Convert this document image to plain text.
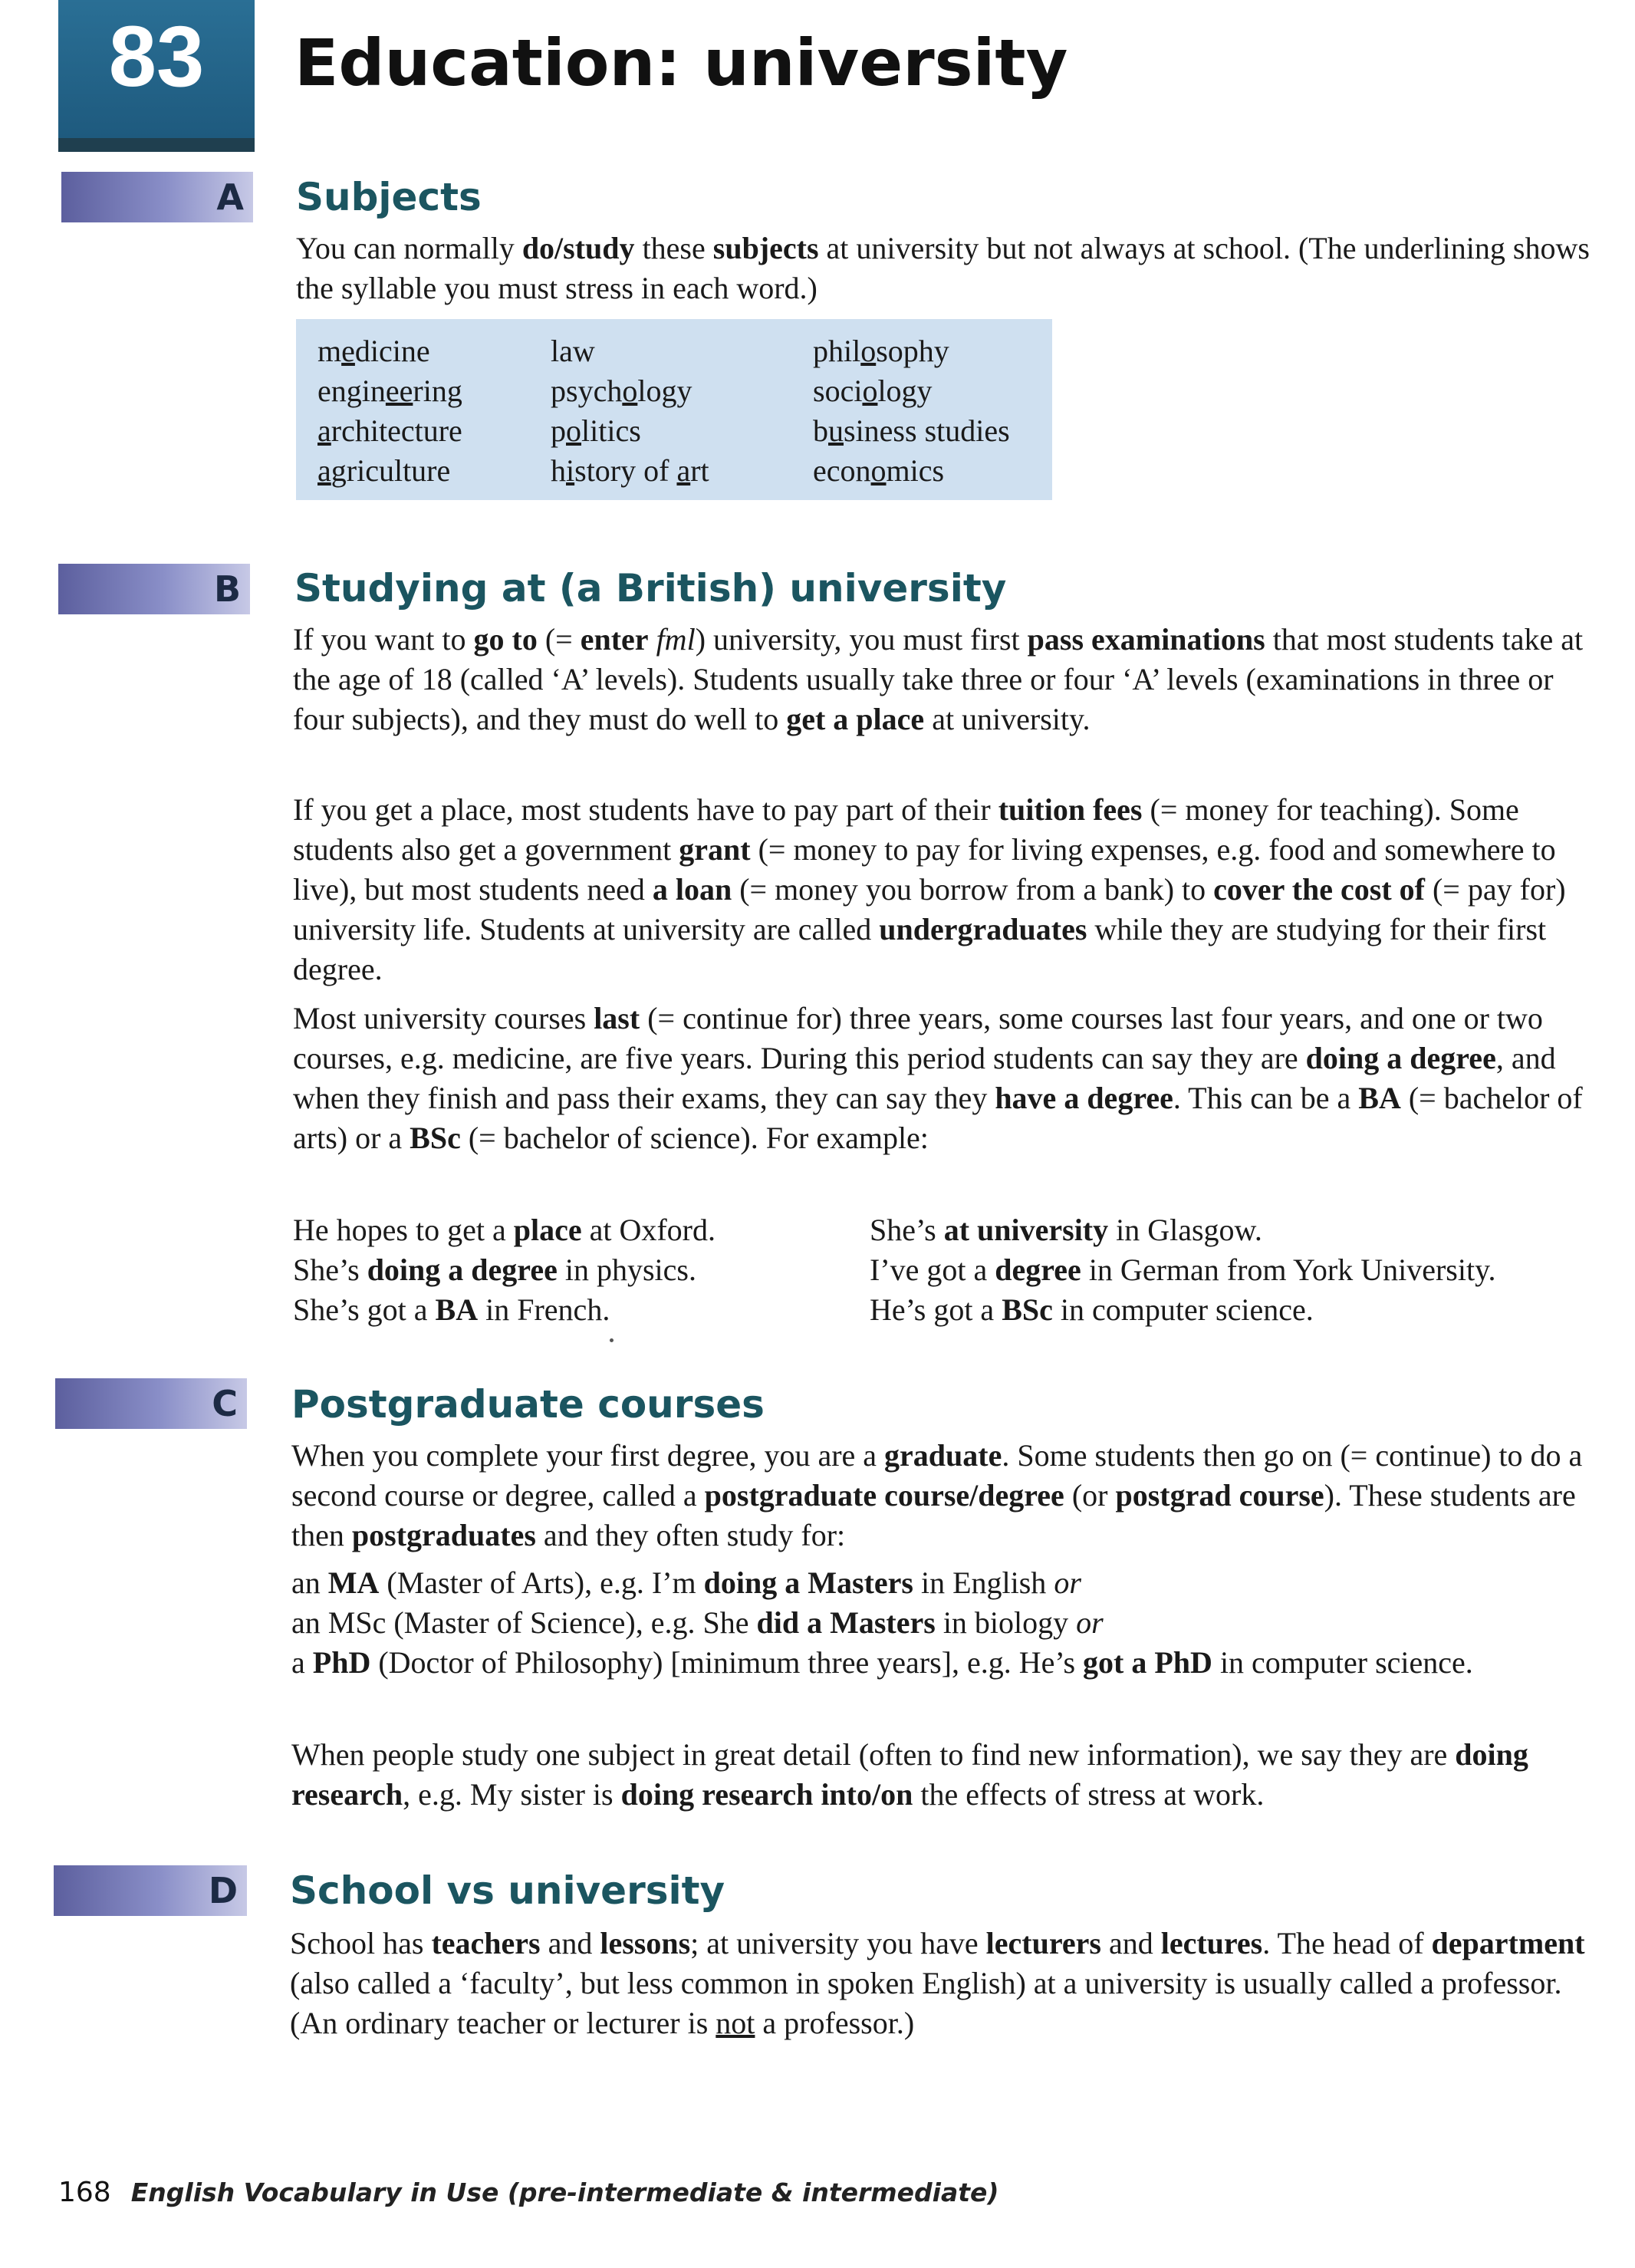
83	Education: university
A Subjects

You can normally do/study these subjects at university but not always at school. (The underlining shows the syllable you must stress in each word.)

medicine
engineering
architecture
agriculture
law
psychology
politics
history of art
philosophy
sociology
business studies
economics
B Studying at (a British) university

If you want to go to (= enter fml) university, you must first pass examinations that most students take at the age of 18 (called ‘A’ levels). Students usually take three or four ‘A’ levels (examinations in three or four subjects), and they must do well to get a place at university.

If you get a place, most students have to pay part of their tuition fees (= money for teaching). Some students also get a government grant (= money to pay for living expenses, e.g. food and somewhere to live), but most students need a loan (= money you borrow from a bank) to cover the cost of (= pay for) university life. Students at university are called undergraduates while they are studying for their first degree.

Most university courses last (= continue for) three years, some courses last four years, and one or two courses, e.g. medicine, are five years. During this period students can say they are doing a degree, and when they finish and pass their exams, they can say they have a degree. This can be a BA (= bachelor of arts) or a BSc (= bachelor of science). For example:

He hopes to get a place at Oxford.
She’s doing a degree in physics.
She’s got a BA in French.
She’s at university in Glasgow.
I’ve got a degree in German from York University.
He’s got a BSc in computer science.
C Postgraduate courses

When you complete your first degree, you are a graduate. Some students then go on (= continue) to do a second course or degree, called a postgraduate course/degree (or postgrad course). These students are then postgraduates and they often study for:

an MA (Master of Arts), e.g. I’m doing a Masters in English or
an MSc (Master of Science), e.g. She did a Masters in biology or
a PhD (Doctor of Philosophy) [minimum three years], e.g. He’s got a PhD in computer science.

When people study one subject in great detail (often to find new information), we say they are doing research, e.g. My sister is doing research into/on the effects of stress at work.

D School vs university

School has teachers and lessons; at university you have lecturers and lectures. The head of department (also called a ‘faculty’, but less common in spoken English) at a university is usually called a professor. (An ordinary teacher or lecturer is not a professor.)

168 English Vocabulary in Use (pre-intermediate & intermediate)
